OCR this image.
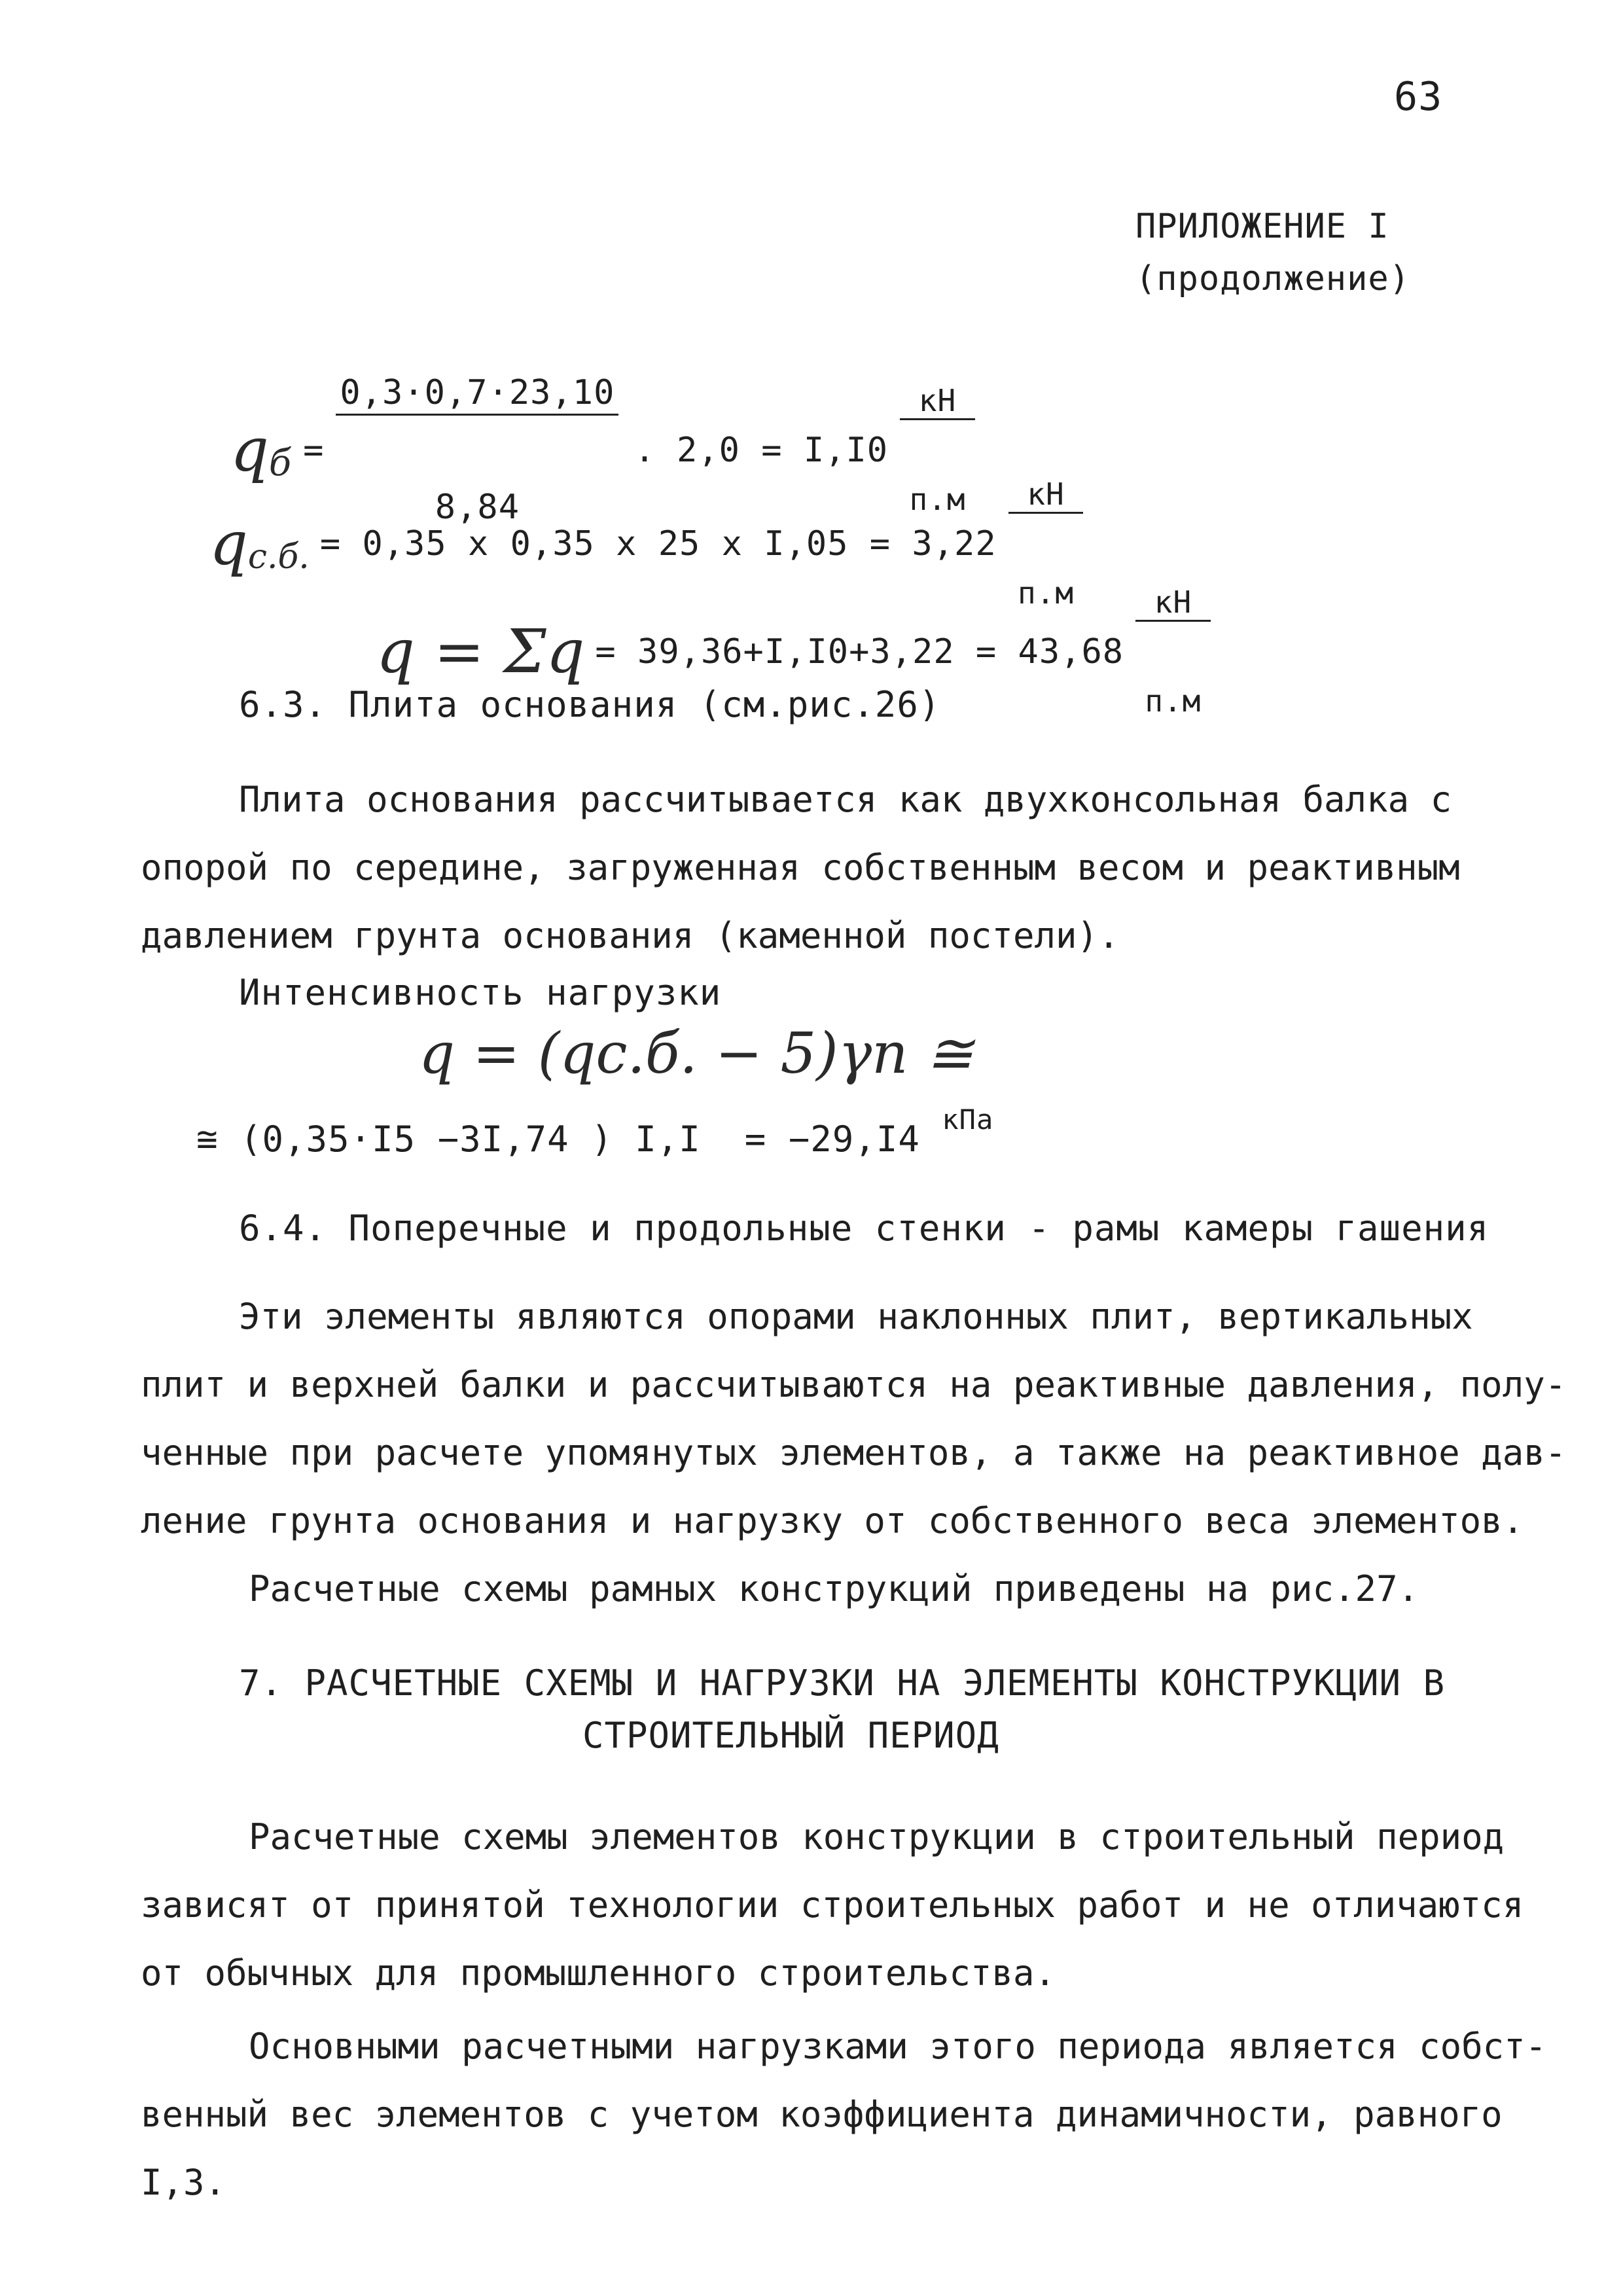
63
ПРИЛОЖЕНИЕ I
(продолжение)
q б =

$\frac{0,3\cdot 0,7\cdot 23,10}{8,84}$

. 2,0 = I,I0

$\frac{кН}{п.м}$

q с.б. = 0,35 x 0,35 x 25 x I,05 = 3,22

$\frac{кН}{п.м}$

q = Σq = 39,36+I,I0+3,22 = 43,68

$\frac{кН}{п.м}$

6.3. Плита основания (см.рис.26)
Плита основания рассчитывается как двухконсольная балка с
опорой по середине, загруженная собственным весом и реактивным
давлением грунта основания (каменной постели).
Интенсивность нагрузки
q = (qс.б. − 5)γn ≅
≅ (0,35·I5 −3I,74 ) I,I  = −29,I4 $^{кПа}$
6.4. Поперечные и продольные стенки - рамы камеры гашения
Эти элементы являются опорами наклонных плит, вертикальных
плит и верхней балки и рассчитываются на реактивные давления, полу-
ченные при расчете упомянутых элементов, а также на реактивное дав-
ление грунта основания и нагрузку от собственного веса элементов.
Расчетные схемы рамных конструкций приведены на рис.27.
7. РАСЧЕТНЫЕ СХЕМЫ И НАГРУЗКИ НА ЭЛЕМЕНТЫ КОНСТРУКЦИИ В
СТРОИТЕЛЬНЫЙ ПЕРИОД
Расчетные схемы элементов конструкции в строительный период
зависят от принятой технологии строительных работ и не отличаются
от обычных для промышленного строительства.
Основными расчетными нагрузками этого периода является собст-
венный вес элементов с учетом коэффициента динамичности, равного
I,3.
